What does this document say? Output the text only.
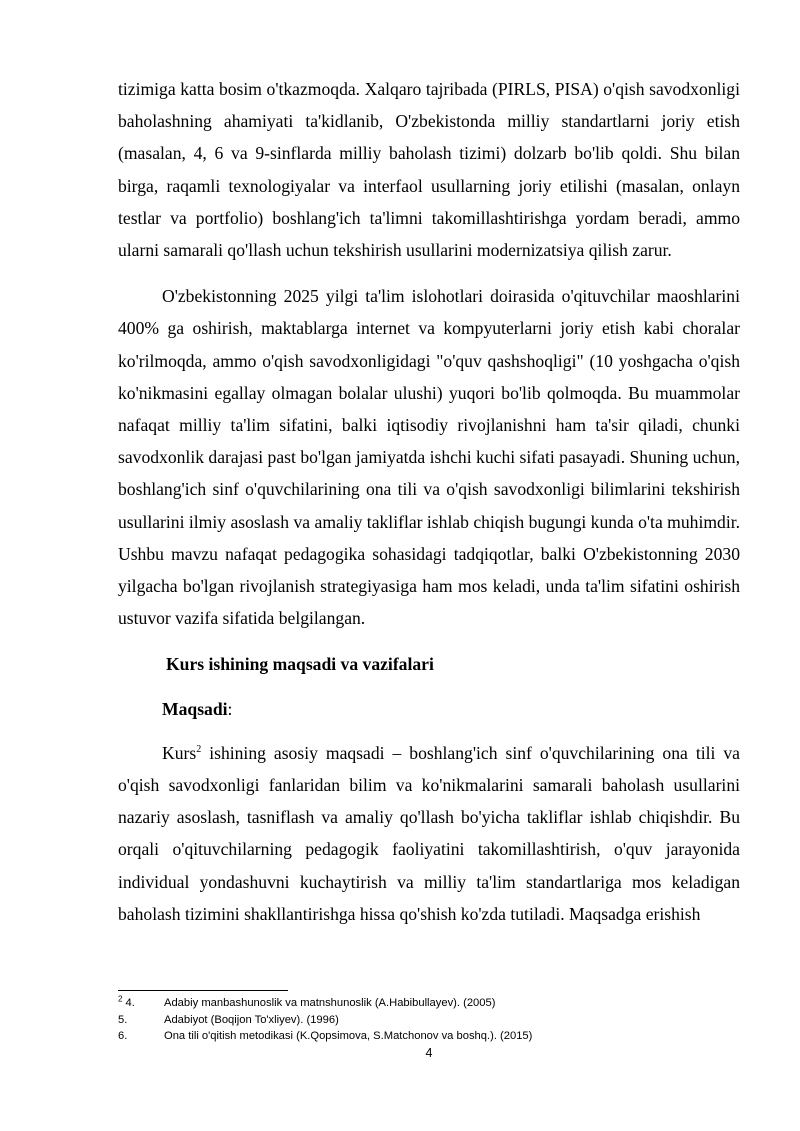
tizimiga katta bosim o'tkazmoqda. Xalqaro tajribada (PIRLS, PISA) o'qish savodxonligi baholashning ahamiyati ta'kidlanib, O'zbekistonda milliy standartlarni joriy etish (masalan, 4, 6 va 9-sinflarda milliy baholash tizimi) dolzarb bo'lib qoldi. Shu bilan birga, raqamli texnologiyalar va interfaol usullarning joriy etilishi (masalan, onlayn testlar va portfolio) boshlang'ich ta'limni takomillashtirishga yordam beradi, ammo ularni samarali qo'llash uchun tekshirish usullarini modernizatsiya qilish zarur.

O'zbekistonning 2025 yilgi ta'lim islohotlari doirasida o'qituvchilar maoshlarini 400% ga oshirish, maktablarga internet va kompyuterlarni joriy etish kabi choralar ko'rilmoqda, ammo o'qish savodxonligidagi "o'quv qashshoqligi" (10 yoshgacha o'qish ko'nikmasini egallay olmagan bolalar ulushi) yuqori bo'lib qolmoqda. Bu muammolar nafaqat milliy ta'lim sifatini, balki iqtisodiy rivojlanishni ham ta'sir qiladi, chunki savodxonlik darajasi past bo'lgan jamiyatda ishchi kuchi sifati pasayadi. Shuning uchun, boshlang'ich sinf o'quvchilarining ona tili va o'qish savodxonligi bilimlarini tekshirish usullarini ilmiy asoslash va amaliy takliflar ishlab chiqish bugungi kunda o'ta muhimdir. Ushbu mavzu nafaqat pedagogika sohasidagi tadqiqotlar, balki O'zbekistonning 2030 yilgacha bo'lgan rivojlanish strategiyasiga ham mos keladi, unda ta'lim sifatini oshirish ustuvor vazifa sifatida belgilangan.

Kurs ishining maqsadi va vazifalari

Maqsadi:

Kurs$^2$ ishining asosiy maqsadi – boshlang'ich sinf o'quvchilarining ona tili va o'qish savodxonligi fanlaridan bilim va ko'nikmalarini samarali baholash usullarini nazariy asoslash, tasniflash va amaliy qo'llash bo'yicha takliflar ishlab chiqishdir. Bu orqali o'qituvchilarning pedagogik faoliyatini takomillashtirish, o'quv jarayonida individual yondashuvni kuchaytirish va milliy ta'lim standartlariga mos keladigan baholash tizimini shakllantirishga hissa qo'shish ko'zda tutiladi. Maqsadga erishish

$^2$ 4.	Adabiy manbashunoslik va matnshunoslik (A.Habibullayev). (2005)
5.	Adabiyot (Boqijon To'xliyev). (1996)
6.	Ona tili o'qitish metodikasi (K.Qopsimova, S.Matchonov va boshq.). (2015)
4
